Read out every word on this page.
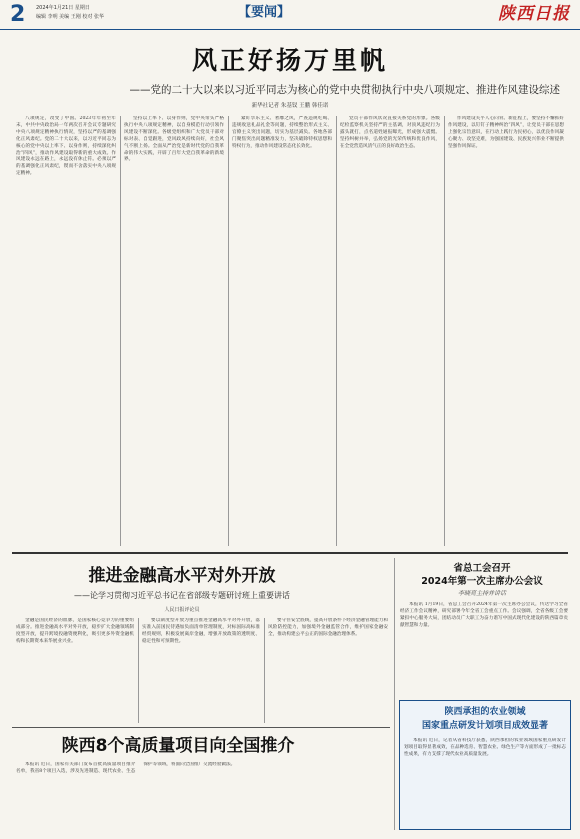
2 2024年1月21日 星期日
编辑 李明 美编 王刚 校对 张华	【要闻】	陕西日报
风正好扬万里帆
——党的二十大以来以习近平同志为核心的党中央贯彻执行中央八项规定、推进作风建设综述
新华社记者 朱基钗 王鹏 韩佳诺

八项规定，改变了中国。2023年年初至年末，中共中央政治局一年两次召开会议专题研究中央八项规定精神执行情况，坚持以严的基调强化正风肃纪。党的二十大以来，以习近平同志为核心的党中央以上率下、以身作则，持续深化纠治“四风”，推动作风建设取得新的重大成效。作风建设永远在路上，永远没有休止符。必须以严的基调强化正风肃纪，锲而不舍落实中央八项规定精神。

坚持以上率下、以身作则，党中央带头严格执行中央八项规定精神，以自身模范行动引领作风建设不断深化。各级党组织和广大党员干部对标对表、自觉跟进，党风政风持续向好，社会风气不断上扬。全面从严治党是新时代党的自我革命的伟大实践，开辟了百年大党自我革命的新境界。

紧盯享乐主义、奢靡之风，严查违规吃喝、违规收送礼品礼金等问题，持续整治形式主义、官僚主义突出问题，切实为基层减负。各地各部门聚焦突出问题精准发力，坚决破除特权思想和特权行为，推动作风建设常态化长效化。

党员干部作风状况直接关系党的形象。各级纪检监察机关坚持严的主基调，对顶风违纪行为露头就打，点名道姓通报曝光，形成强大震慑。坚持纠树并举，弘扬党的光荣传统和优良作风，在全党营造风清气正的良好政治生态。

作风建设关乎人心向背。新征程上，要坚持不懈抓好作风建设，以钉钉子精神纠治“四风”，让党员干部在思想上强化宗旨意识，在行动上践行为民初心，以优良作风凝心聚力、攻坚克难，为强国建设、民族复兴伟业不断提供坚强作风保证。

推进金融高水平对外开放
——论学习贯彻习近平总书记在省部级专题研讨班上重要讲话
人民日报评论员

金融是国民经济的血脉，是国家核心竞争力的重要组成部分。推进金融高水平对外开放，稳步扩大金融领域制度型开放，提升跨境投融资便利化，吸引更多外资金融机构和长期资本来华展业兴业。

要以制度型开放为重点推进金融高水平对外开放，落实准入前国民待遇加负面清单管理制度，对标国际高标准经贸规则，积极发展离岸金融，增强开放政策的透明度、稳定性和可预期性。

要守住安全底线，提高开放条件下经济金融管理能力和风险防控能力，加强境外金融监管合作，维护国家金融安全，推动构建公平公正的国际金融治理体系。

省总工会召开
2024年第一次主席办公会议
李晓亮主持并讲话

本报讯 1月19日，省总工会召开2024年第一次主席办公会议，传达学习全省经济工作会议精神，研究部署今年全省工会重点工作。会议强调，全省各级工会要紧扣中心服务大局，团结动员广大职工为奋力谱写中国式现代化建设的陕西篇章贡献智慧和力量。

陕西承担的农业领域
国家重点研发计划项目成效显著

本报讯 近日，记者从省科技厅获悉，陕西承担的农业领域国家重点研发计划项目取得显著成效，在品种选育、智慧农业、绿色生产等方面形成了一批标志性成果，有力支撑了现代农业高质量发展。

陕西8个高质量项目向全国推介

本报讯 近日，国家有关部门发布首批高质量项目推介名单，我省8个项目入选，涉及先进制造、现代农业、生态保护等领域，将面向全国推广交流经验做法。
